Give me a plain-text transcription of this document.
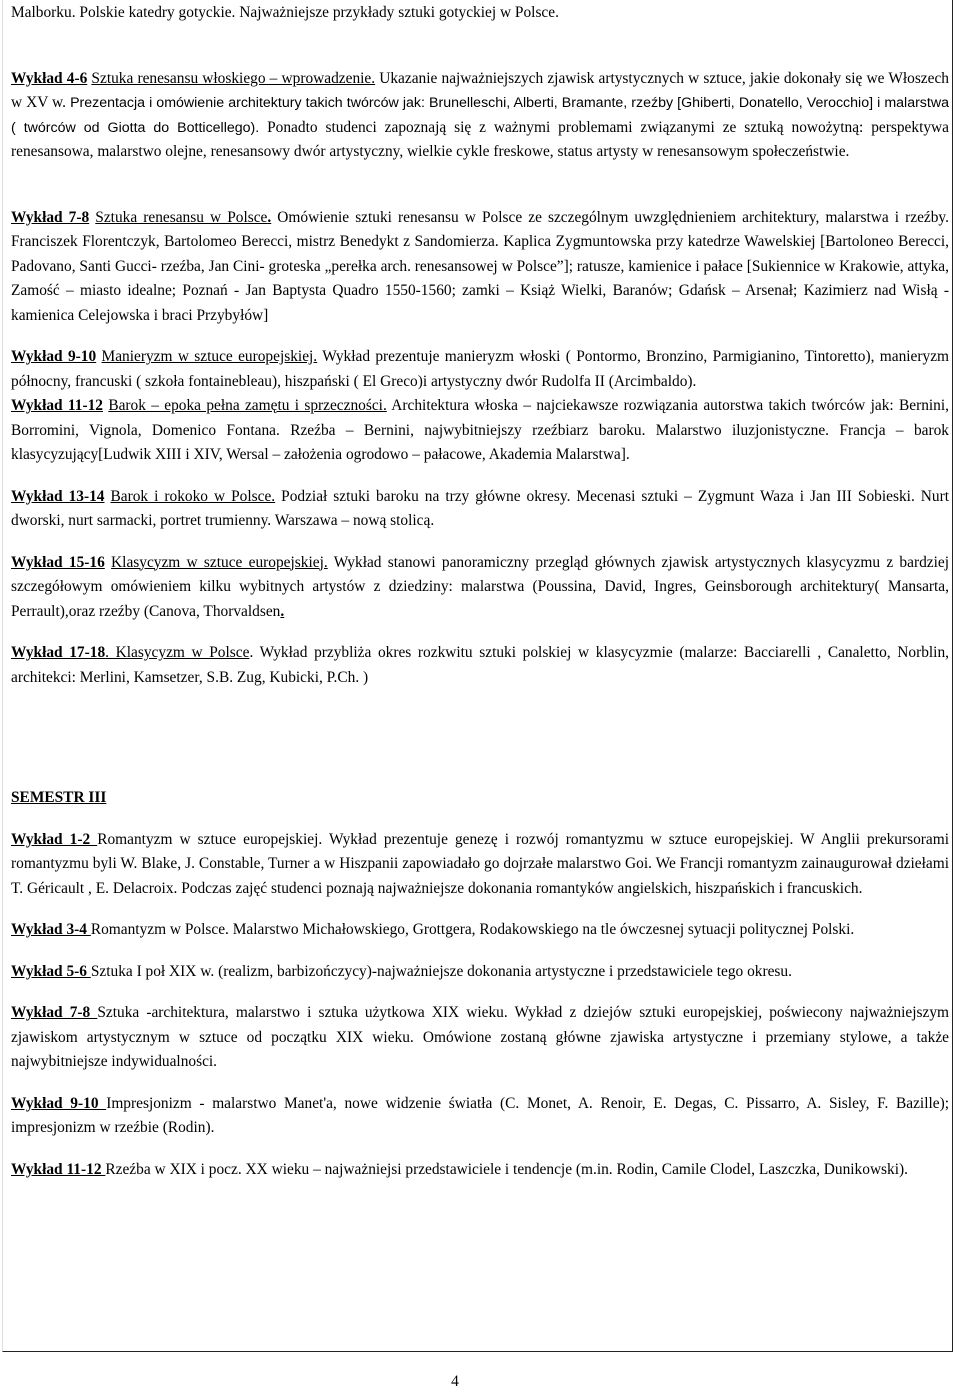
Malborku. Polskie katedry gotyckie. Najważniejsze przykłady sztuki gotyckiej w Polsce.

Wykład 4-6 Sztuka renesansu włoskiego – wprowadzenie. Ukazanie najważniejszych zjawisk artystycznych w sztuce, jakie dokonały się we Włoszech w XV w. Prezentacja i omówienie architektury takich twórców jak: Brunelleschi, Alberti, Bramante, rzeźby [Ghiberti, Donatello, Verocchio] i malarstwa ( twórców od Giotta do Botticellego). Ponadto studenci zapoznają się z ważnymi problemami związanymi ze sztuką nowożytną: perspektywa renesansowa, malarstwo olejne, renesansowy dwór artystyczny, wielkie cykle freskowe, status artysty w renesansowym społeczeństwie.

Wykład 7-8 Sztuka renesansu w Polsce. Omówienie sztuki renesansu w Polsce ze szczególnym uwzględnieniem architektury, malarstwa i rzeźby. Franciszek Florentczyk, Bartolomeo Berecci, mistrz Benedykt z Sandomierza. Kaplica Zygmuntowska przy katedrze Wawelskiej [Bartoloneo Berecci, Padovano, Santi Gucci- rzeźba, Jan Cini- groteska „perełka arch. renesansowej w Polsce”]; ratusze, kamienice i pałace [Sukiennice w Krakowie, attyka, Zamość – miasto idealne; Poznań - Jan Baptysta Quadro 1550-1560; zamki – Książ Wielki, Baranów; Gdańsk – Arsenał; Kazimierz nad Wisłą - kamienica Celejowska i braci Przybyłów]

Wykład 9-10 Manieryzm w sztuce europejskiej. Wykład prezentuje manieryzm włoski ( Pontormo, Bronzino, Parmigianino, Tintoretto), manieryzm północny, francuski ( szkoła fontainebleau), hiszpański ( El Greco)i artystyczny dwór Rudolfa II (Arcimbaldo).

Wykład 11-12 Barok – epoka pełna zamętu i sprzeczności. Architektura włoska – najciekawsze rozwiązania autorstwa takich twórców jak: Bernini, Borromini, Vignola, Domenico Fontana. Rzeźba – Bernini, najwybitniejszy rzeźbiarz baroku. Malarstwo iluzjonistyczne. Francja – barok klasycyzujący[Ludwik XIII i XIV, Wersal – założenia ogrodowo – pałacowe, Akademia Malarstwa].

Wykład 13-14 Barok i rokoko w Polsce. Podział sztuki baroku na trzy główne okresy. Mecenasi sztuki – Zygmunt Waza i Jan III Sobieski. Nurt dworski, nurt sarmacki, portret trumienny. Warszawa – nową stolicą.

Wykład 15-16 Klasycyzm w sztuce europejskiej. Wykład stanowi panoramiczny przegląd głównych zjawisk artystycznych klasycyzmu z bardziej szczegółowym omówieniem kilku wybitnych artystów z dziedziny: malarstwa (Poussina, David, Ingres, Geinsborough architektury( Mansarta, Perrault),oraz rzeźby (Canova, Thorvaldsen.

Wykład 17-18. Klasycyzm w Polsce. Wykład przybliża okres rozkwitu sztuki polskiej w klasycyzmie (malarze: Bacciarelli , Canaletto, Norblin, architekci: Merlini, Kamsetzer, S.B. Zug, Kubicki, P.Ch. )

SEMESTR III

Wykład 1-2 Romantyzm w sztuce europejskiej. Wykład prezentuje genezę i rozwój romantyzmu w sztuce europejskiej. W Anglii prekursorami romantyzmu byli W. Blake, J. Constable, Turner a w Hiszpanii zapowiadało go dojrzałe malarstwo Goi. We Francji romantyzm zainaugurował dziełami T. Géricault , E. Delacroix. Podczas zajęć studenci poznają najważniejsze dokonania romantyków angielskich, hiszpańskich i francuskich.

Wykład 3-4 Romantyzm w Polsce. Malarstwo Michałowskiego, Grottgera, Rodakowskiego na tle ówczesnej sytuacji politycznej Polski.

Wykład 5-6 Sztuka I poł XIX w. (realizm, barbizończycy)-najważniejsze dokonania artystyczne i przedstawiciele tego okresu.

Wykład 7-8 Sztuka -architektura, malarstwo i sztuka użytkowa XIX wieku. Wykład z dziejów sztuki europejskiej, poświecony najważniejszym zjawiskom artystycznym w sztuce od początku XIX wieku. Omówione zostaną główne zjawiska artystyczne i przemiany stylowe, a także najwybitniejsze indywidualności.

Wykład 9-10 Impresjonizm - malarstwo Manet'a, nowe widzenie światła (C. Monet, A. Renoir, E. Degas, C. Pissarro, A. Sisley, F. Bazille); impresjonizm w rzeźbie (Rodin).

Wykład 11-12 Rzeźba w XIX i pocz. XX wieku – najważniejsi przedstawiciele i tendencje (m.in. Rodin, Camile Clodel, Laszczka, Dunikowski).

4
